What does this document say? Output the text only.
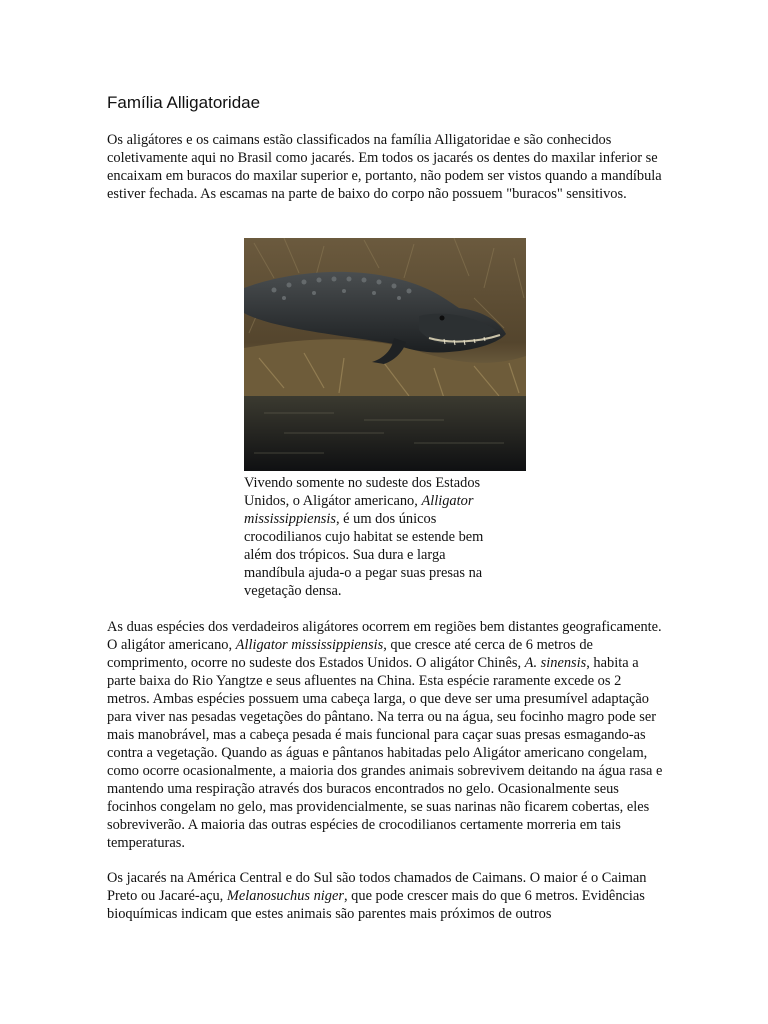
Família Alligatoridae

Os aligátores e os caimans estão classificados na família Alligatoridae e são conhecidos coletivamente aqui no Brasil como jacarés. Em todos os jacarés os dentes do maxilar inferior se encaixam em buracos do maxilar superior e, portanto, não podem ser vistos quando a mandíbula estiver fechada. As escamas na parte de baixo do corpo não possuem "buracos" sensitivos.

Vivendo somente no sudeste dos Estados Unidos, o Aligátor americano, Alligator mississippiensis, é um dos únicos crocodilianos cujo habitat se estende bem além dos trópicos. Sua dura e larga mandíbula ajuda-o a pegar suas presas na vegetação densa.

As duas espécies dos verdadeiros aligátores ocorrem em regiões bem distantes geograficamente. O aligátor americano, Alligator mississippiensis, que cresce até cerca de 6 metros de comprimento, ocorre no sudeste dos Estados Unidos. O aligátor Chinês, A. sinensis, habita a parte baixa do Rio Yangtze e seus afluentes na China. Esta espécie raramente excede os 2 metros. Ambas espécies possuem uma cabeça larga, o que deve ser uma presumível adaptação para viver nas pesadas vegetações do pântano. Na terra ou na água, seu focinho magro pode ser mais manobrável, mas a cabeça pesada é mais funcional para caçar suas presas esmagando-as contra a vegetação. Quando as águas e pântanos habitadas pelo Aligátor americano congelam, como ocorre ocasionalmente, a maioria dos grandes animais sobrevivem deitando na água rasa e mantendo uma respiração através dos buracos encontrados no gelo. Ocasionalmente seus focinhos congelam no gelo, mas providencialmente, se suas narinas não ficarem cobertas, eles sobreviverão. A maioria das outras espécies de crocodilianos certamente morreria em tais temperaturas.

Os jacarés na América Central e do Sul são todos chamados de Caimans. O maior é o Caiman Preto ou Jacaré-açu, Melanosuchus niger, que pode crescer mais do que 6 metros. Evidências bioquímicas indicam que estes animais são parentes mais próximos de outros
